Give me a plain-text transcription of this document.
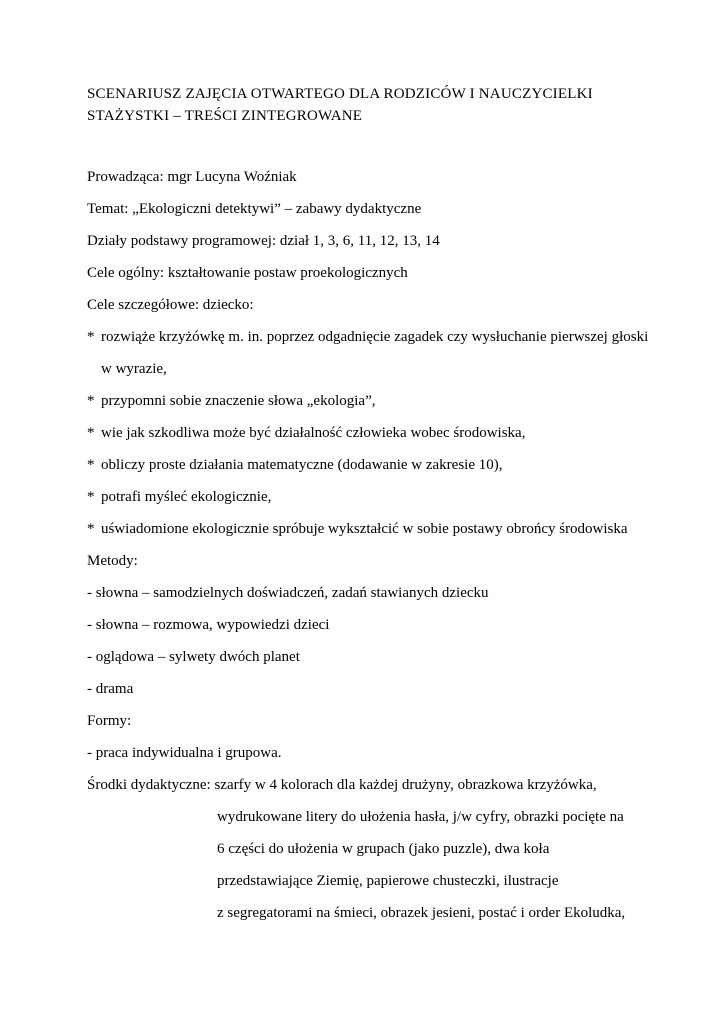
SCENARIUSZ ZAJĘCIA OTWARTEGO DLA RODZICÓW I NAUCZYCIELKI
STAŻYSTKI – TREŚCI ZINTEGROWANE
Prowadząca: mgr Lucyna Woźniak
Temat: „Ekologiczni detektywi” – zabawy dydaktyczne
Działy podstawy programowej: dział 1, 3, 6, 11, 12, 13, 14
Cele ogólny: kształtowanie postaw proekologicznych
Cele szczegółowe: dziecko:
* rozwiąże krzyżówkę m. in. poprzez odgadnięcie zagadek czy wysłuchanie pierwszej głoski
w wyrazie,
* przypomni sobie znaczenie słowa „ekologia”,
* wie jak szkodliwa może być działalność człowieka wobec środowiska,
* obliczy proste działania matematyczne (dodawanie w zakresie 10),
* potrafi myśleć ekologicznie,
* uświadomione ekologicznie spróbuje wykształcić w sobie postawy obrońcy środowiska
Metody:
- słowna – samodzielnych doświadczeń, zadań stawianych dziecku
- słowna – rozmowa, wypowiedzi dzieci
- oglądowa – sylwety dwóch planet
- drama
Formy:
- praca indywidualna i grupowa.
Środki dydaktyczne: szarfy w 4 kolorach dla każdej drużyny, obrazkowa krzyżówka,
wydrukowane litery do ułożenia hasła, j/w cyfry, obrazki pocięte na
6 części do ułożenia w grupach (jako puzzle), dwa koła
przedstawiające Ziemię, papierowe chusteczki, ilustracje
z segregatorami na śmieci, obrazek jesieni, postać i order Ekoludka,
